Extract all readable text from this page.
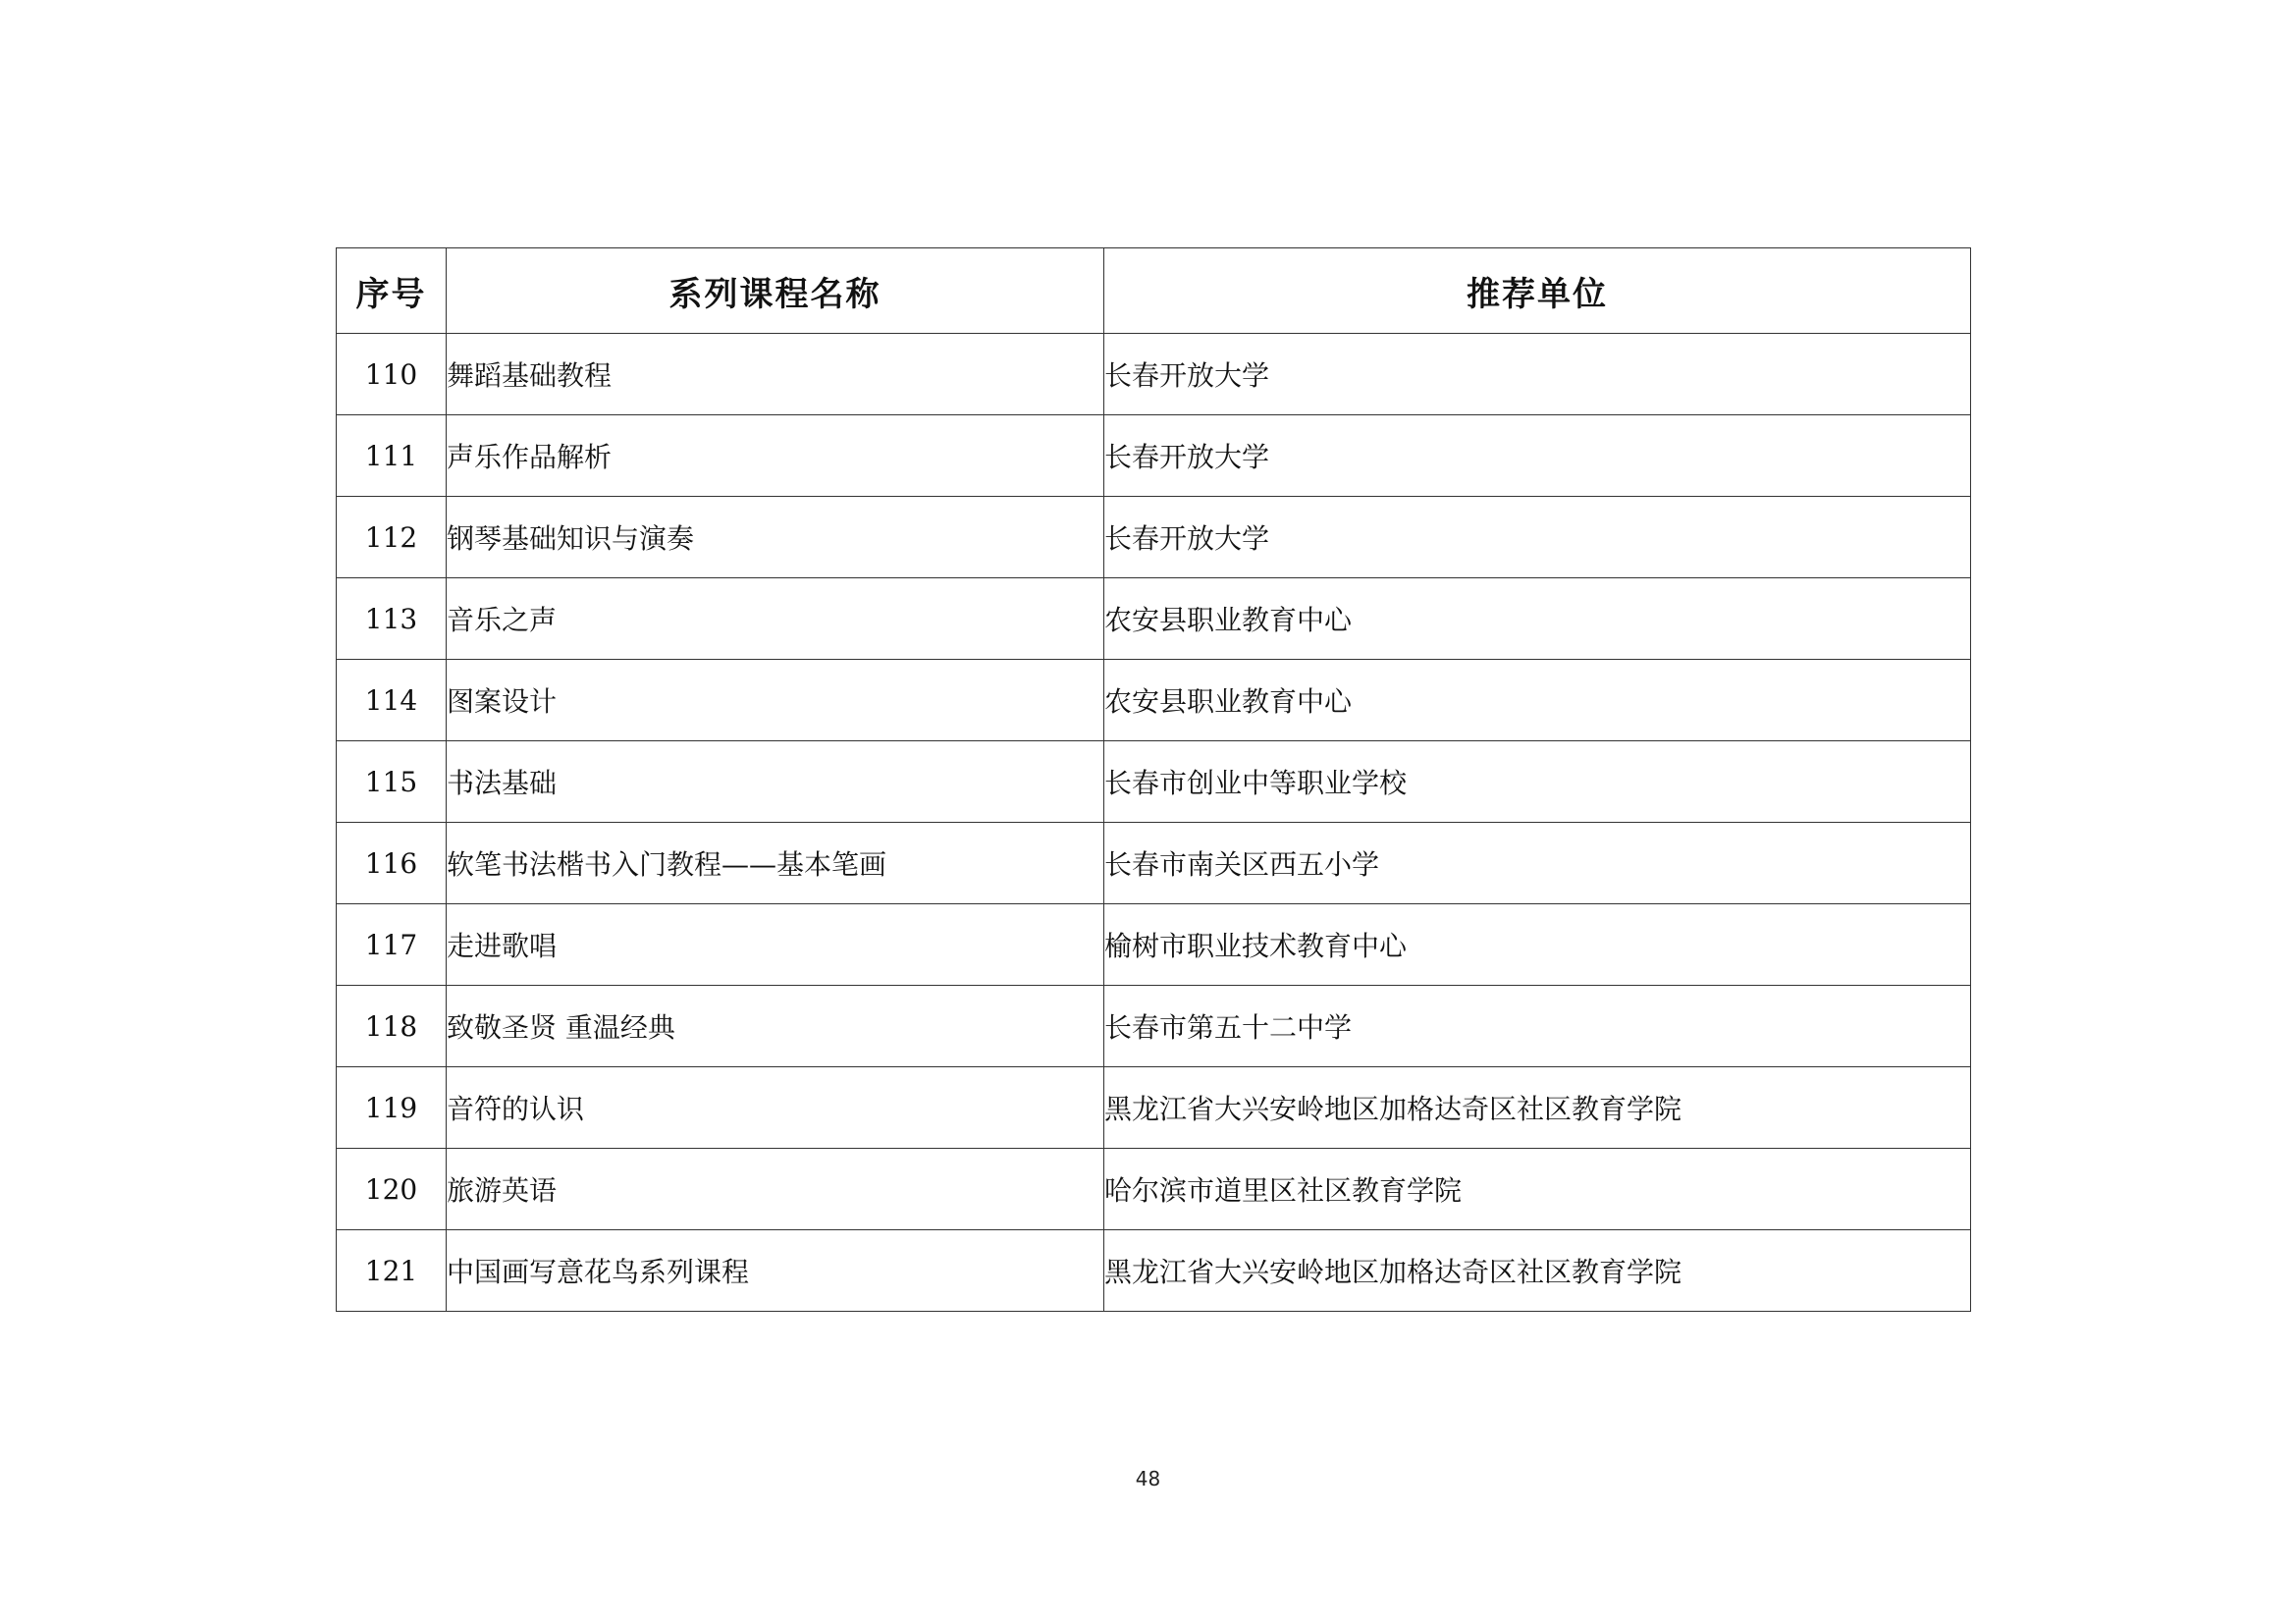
序号	系列课程名称	推荐单位
110	舞蹈基础教程	长春开放大学
111	声乐作品解析	长春开放大学
112	钢琴基础知识与演奏	长春开放大学
113	音乐之声	农安县职业教育中心
114	图案设计	农安县职业教育中心
115	书法基础	长春市创业中等职业学校
116	软笔书法楷书入门教程——基本笔画	长春市南关区西五小学
117	走进歌唱	榆树市职业技术教育中心
118	致敬圣贤 重温经典	长春市第五十二中学
119	音符的认识	黑龙江省大兴安岭地区加格达奇区社区教育学院
120	旅游英语	哈尔滨市道里区社区教育学院
121	中国画写意花鸟系列课程	黑龙江省大兴安岭地区加格达奇区社区教育学院
48
